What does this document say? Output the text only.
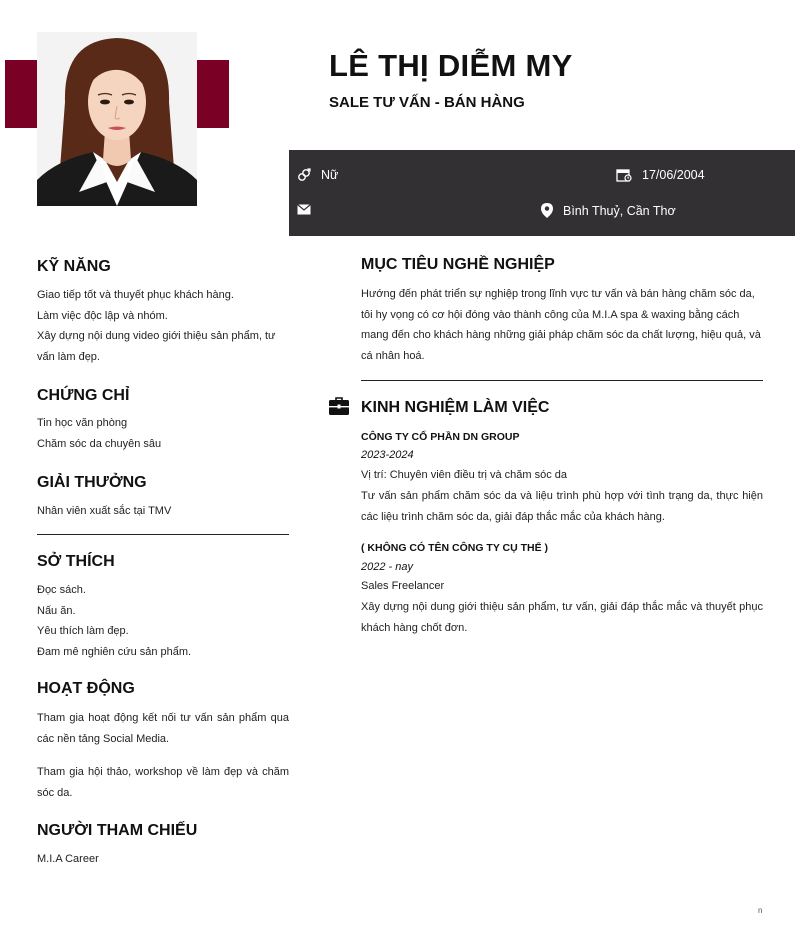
LÊ THỊ DIỄM MY
SALE TƯ VẤN - BÁN HÀNG
Nữ	17/06/2004
Bình Thuỷ, Cần Thơ
KỸ NĂNG
Giao tiếp tốt và thuyết phục khách hàng.
Làm việc độc lập và nhóm.
Xây dựng nội dung video giới thiệu sản phẩm, tư vấn làm đẹp.
CHỨNG CHỈ
Tin học văn phòng
Chăm sóc da chuyên sâu
GIẢI THƯỞNG
Nhân viên xuất sắc tại TMV
SỞ THÍCH
Đọc sách.
Nấu ăn.
Yêu thích làm đẹp.
Đam mê nghiên cứu sản phẩm.
HOẠT ĐỘNG

Tham gia hoạt động kết nối tư vấn sản phẩm qua các nền tảng Social Media.

Tham gia hội thảo, workshop về làm đẹp và chăm sóc da.

NGƯỜI THAM CHIẾU
M.I.A Career
MỤC TIÊU NGHỀ NGHIỆP

Hướng đến phát triển sự nghiệp trong lĩnh vực tư vấn và bán hàng chăm sóc da, tôi hy vọng có cơ hội đóng vào thành công của M.I.A spa & waxing bằng cách mang đến cho khách hàng những giải pháp chăm sóc da chất lượng, hiệu quả, và cá nhân hoá.

KINH NGHIỆM LÀM VIỆC

CÔNG TY CỔ PHẦN DN GROUP

2023-2024

Vị trí: Chuyên viên điều trị và chăm sóc da

Tư vấn sản phẩm chăm sóc da và liệu trình phù hợp với tình trạng da, thực hiện các liệu trình chăm sóc da, giải đáp thắc mắc của khách hàng.

( KHÔNG CÓ TÊN CÔNG TY CỤ THỂ )

2022 - nay

Sales Freelancer

Xây dựng nội dung giới thiệu sản phẩm, tư vấn, giải đáp thắc mắc và thuyết phục khách hàng chốt đơn.

n
